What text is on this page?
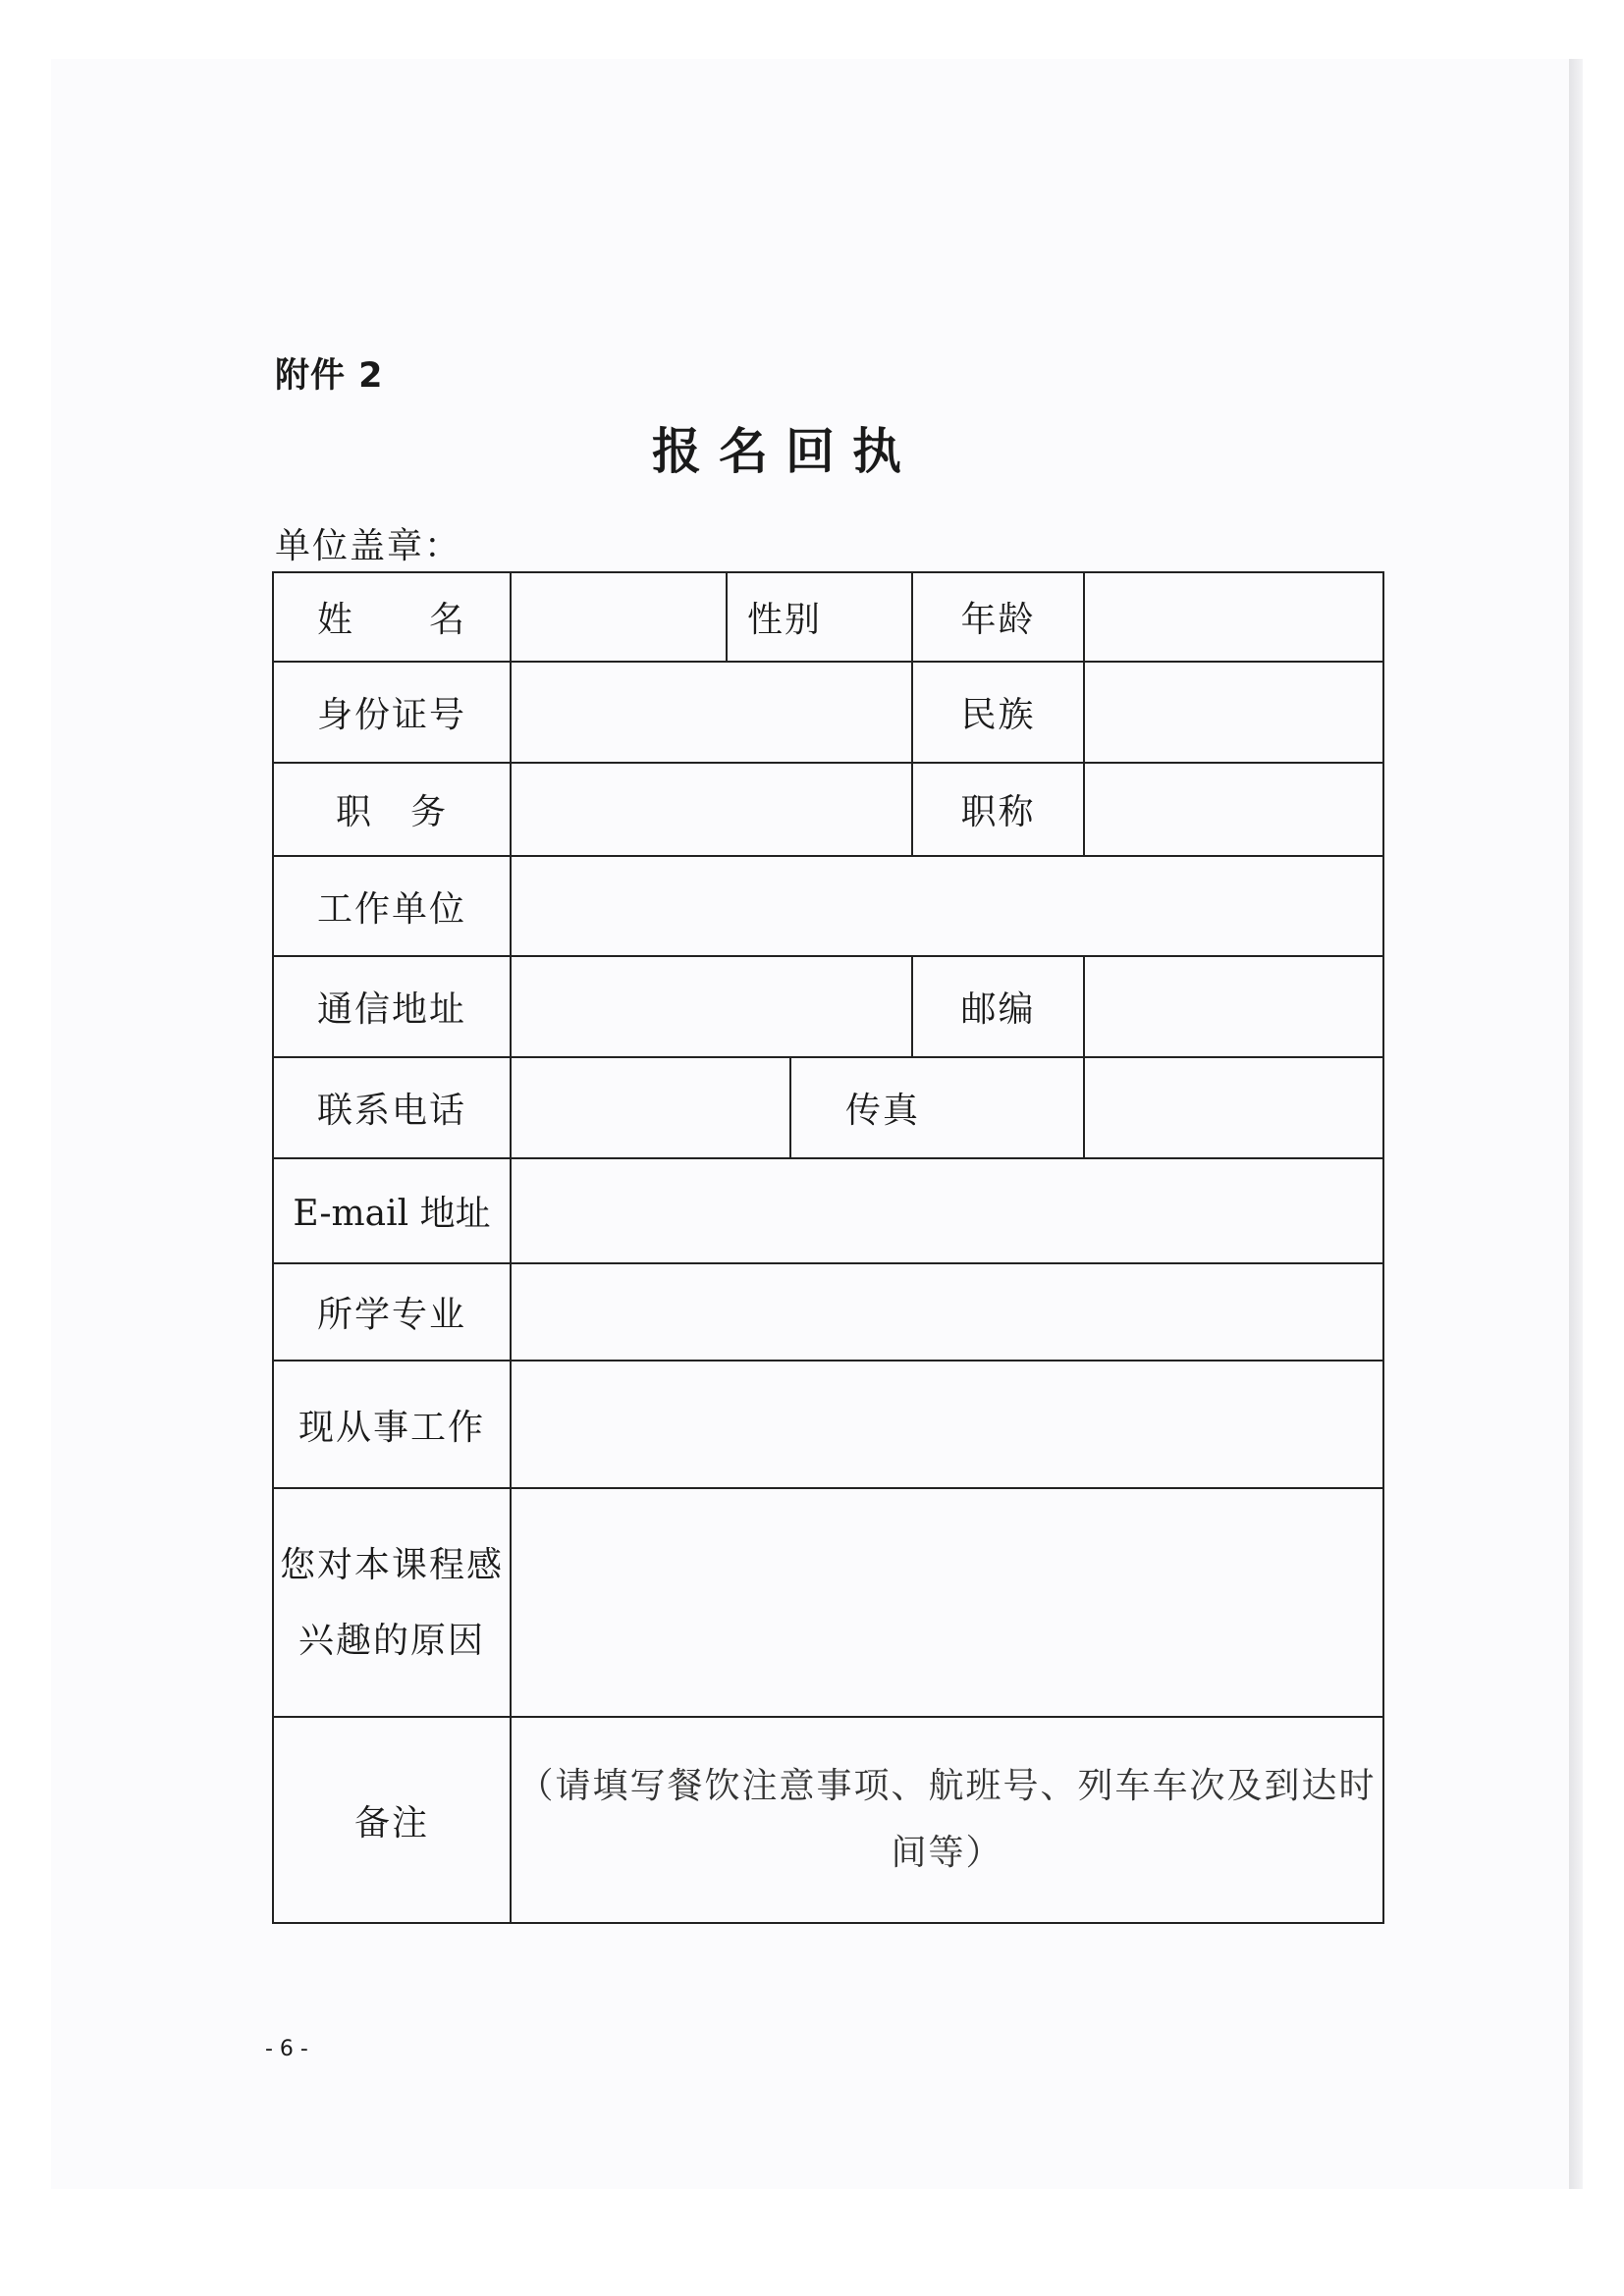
附件 2
报名回执
单位盖章：
姓　　名		性别		年龄	
身份证号				民族	
职　务				职称	
工作单位					
通信地址				邮编	
联系电话			传真		
E-mail 地址					
所学专业					
现从事工作					
您对本课程感兴趣的原因					
备注	（请填写餐饮注意事项、航班号、列车车次及到达时间等）				
- 6 -
